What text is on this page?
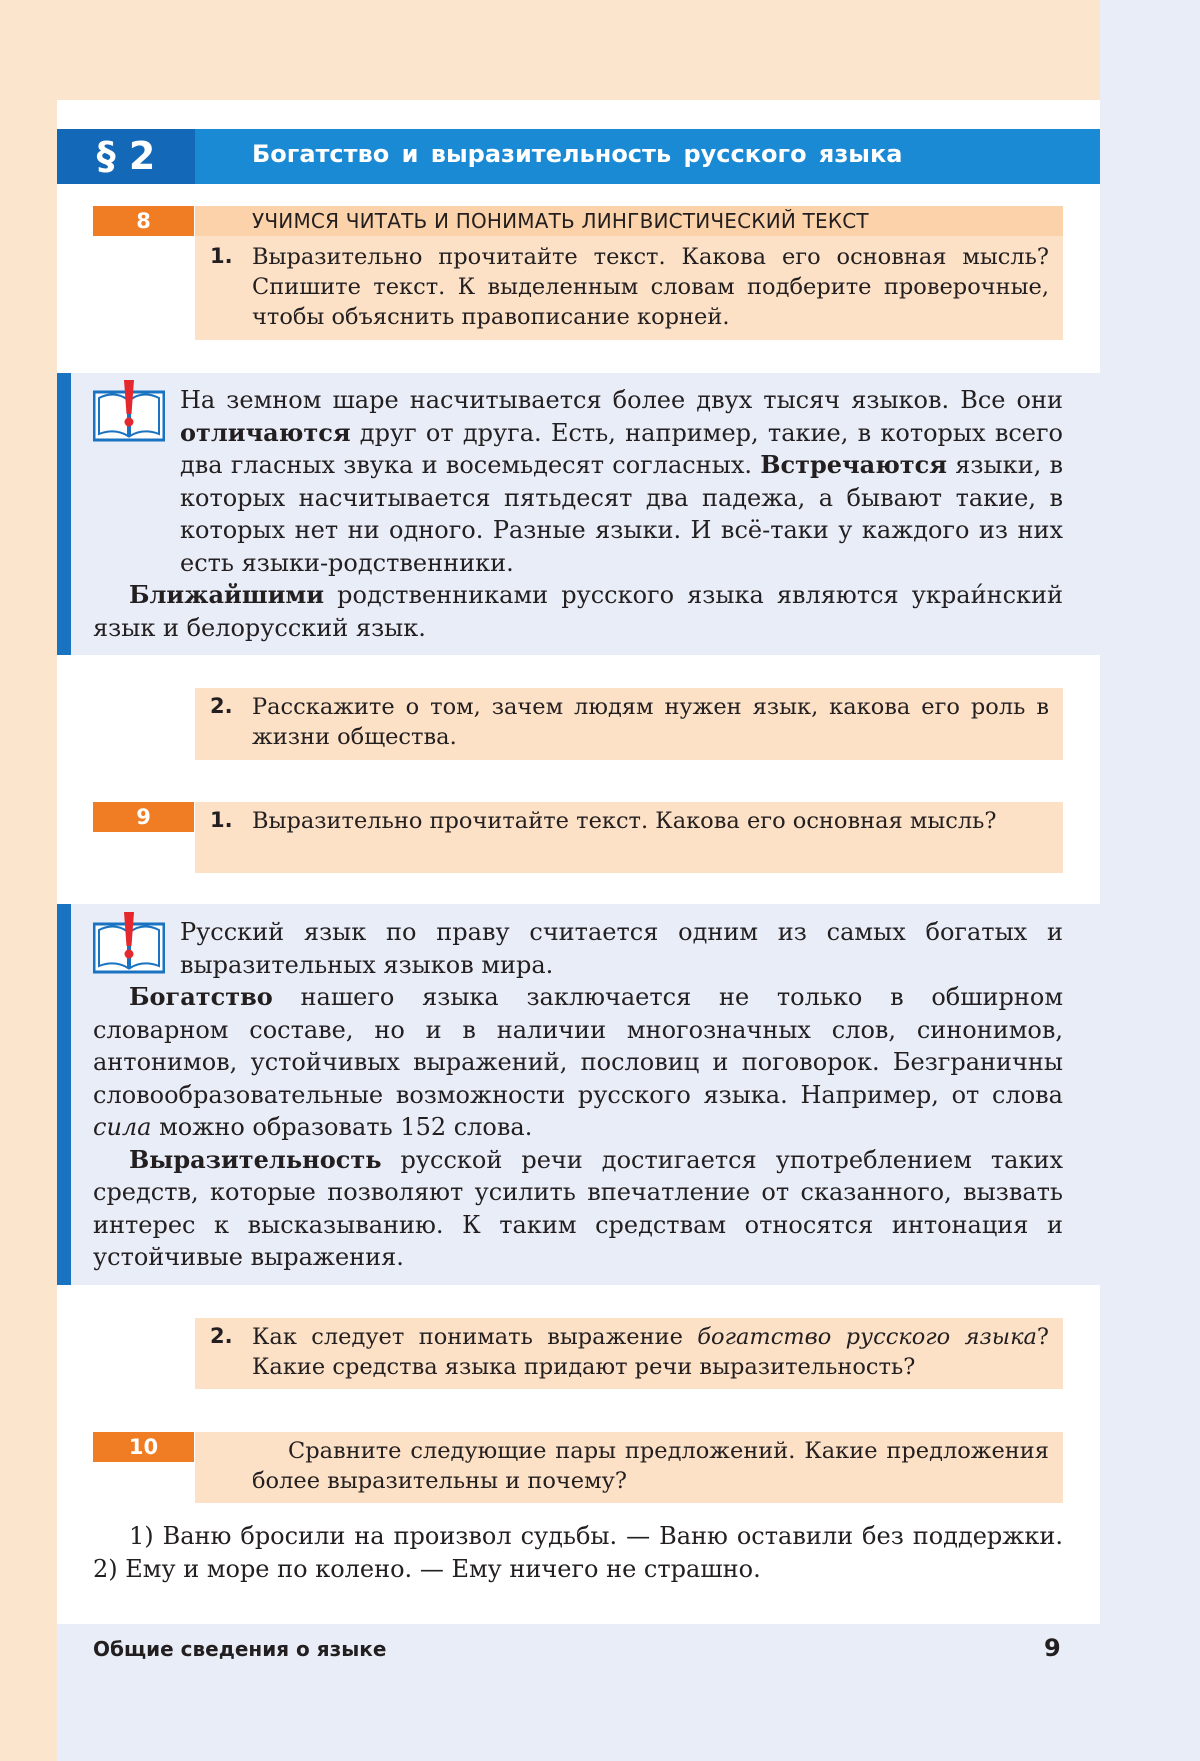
§ 2	Богатство и выразительность русского языка
8	УЧИМСЯ ЧИТАТЬ И ПОНИМАТЬ ЛИНГВИСТИЧЕСКИЙ ТЕКСТ
1. Выразительно прочитайте текст. Какова его основная мысль? Спишите текст. К выделенным словам подберите проверочные, чтобы объяснить правописание корней.

На земном шаре насчитывается более двух тысяч языков. Все они отличаются друг от друга. Есть, например, такие, в которых всего два гласных звука и восемьдесят согласных. Встречаются языки, в которых насчитывается пятьдесят два падежа, а бывают такие, в которых нет ни одного. Разные языки. И всё-таки у каждого из них есть языки-родственники.

Ближайшими родственниками русского языка являются украи́нский язык и белорусский язык.

2. Расскажите о том, зачем людям нужен язык, какова его роль в жизни общества.
9	1. Выразительно прочитайте текст. Какова его основная мысль?

Русский язык по праву считается одним из самых богатых и выразительных языков мира.

Богатство нашего языка заключается не только в обширном словарном составе, но и в наличии многозначных слов, синонимов, антонимов, устойчивых выражений, пословиц и поговорок. Безграничны словообразовательные возможности русского языка. Например, от слова сила можно образовать 152 слова.

Выразительность русской речи достигается употреблением таких средств, которые позволяют усилить впечатление от сказанного, вызвать интерес к высказыванию. К таким средствам относятся интонация и устойчивые выражения.

2. Как следует понимать выражение богатство русского языка? Какие средства языка придают речи выразительность?
10	Сравните следующие пары предложений. Какие предложения более выразительны и почему?
1) Ваню бросили на произвол судьбы. — Ваню оставили без поддержки. 2) Ему и море по колено. — Ему ничего не страшно.
Общие сведения о языке	9
